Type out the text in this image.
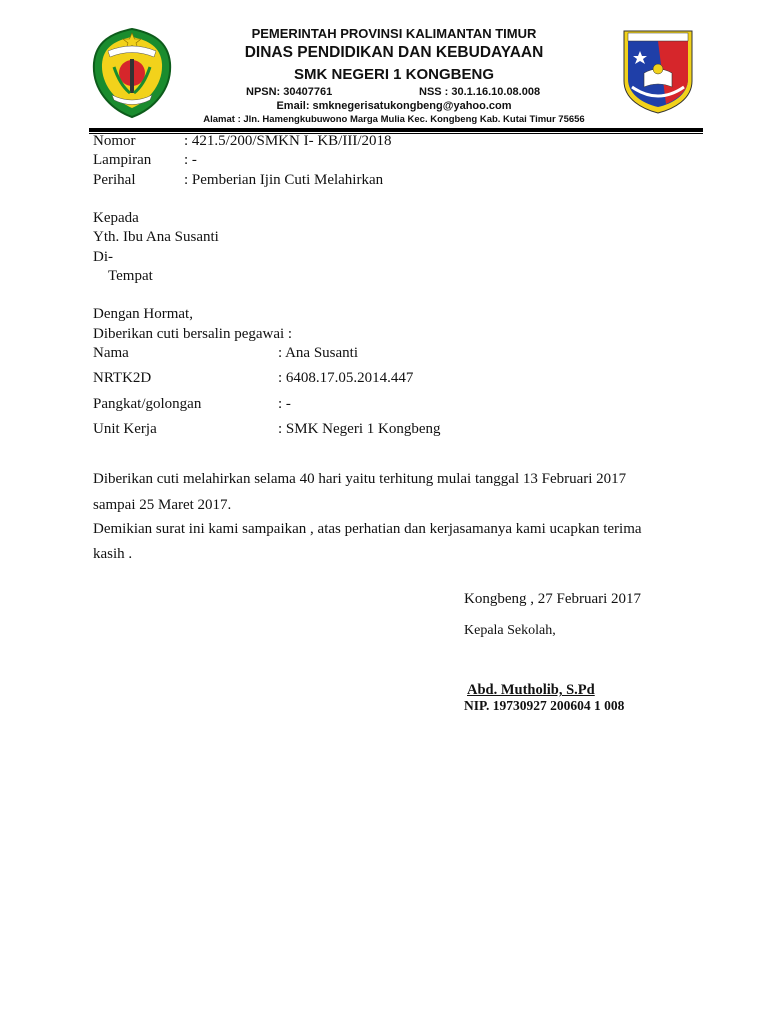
PEMERINTAH PROVINSI KALIMANTAN TIMUR
DINAS PENDIDIKAN DAN KEBUDAYAAN
SMK NEGERI 1 KONGBENG
NPSN: 30407761	NSS : 30.1.16.10.08.008
Email: smknegerisatukongbeng@yahoo.com
Alamat : Jln. Hamengkubuwono Marga Mulia Kec. Kongbeng Kab. Kutai Timur 75656
Nomor	: 421.5/200/SMKN I- KB/III/2018
Lampiran : -
Perihal	: Pemberian Ijin Cuti Melahirkan
Kepada
Yth. Ibu Ana Susanti
Di-
Tempat
Dengan Hormat,
Diberikan cuti bersalin pegawai :
Nama	: Ana Susanti
NRTK2D	: 6408.17.05.2014.447
Pangkat/golongan	: -
Unit Kerja	: SMK Negeri 1 Kongbeng
Diberikan cuti melahirkan selama 40 hari yaitu terhitung mulai tanggal 13 Februari 2017
sampai 25 Maret 2017.
Demikian surat ini kami sampaikan , atas perhatian dan kerjasamanya kami ucapkan terima
kasih .
Kongbeng , 27 Februari 2017
Kepala Sekolah,
Abd. Mutholib, S.Pd
NIP. 19730927 200604 1 008
